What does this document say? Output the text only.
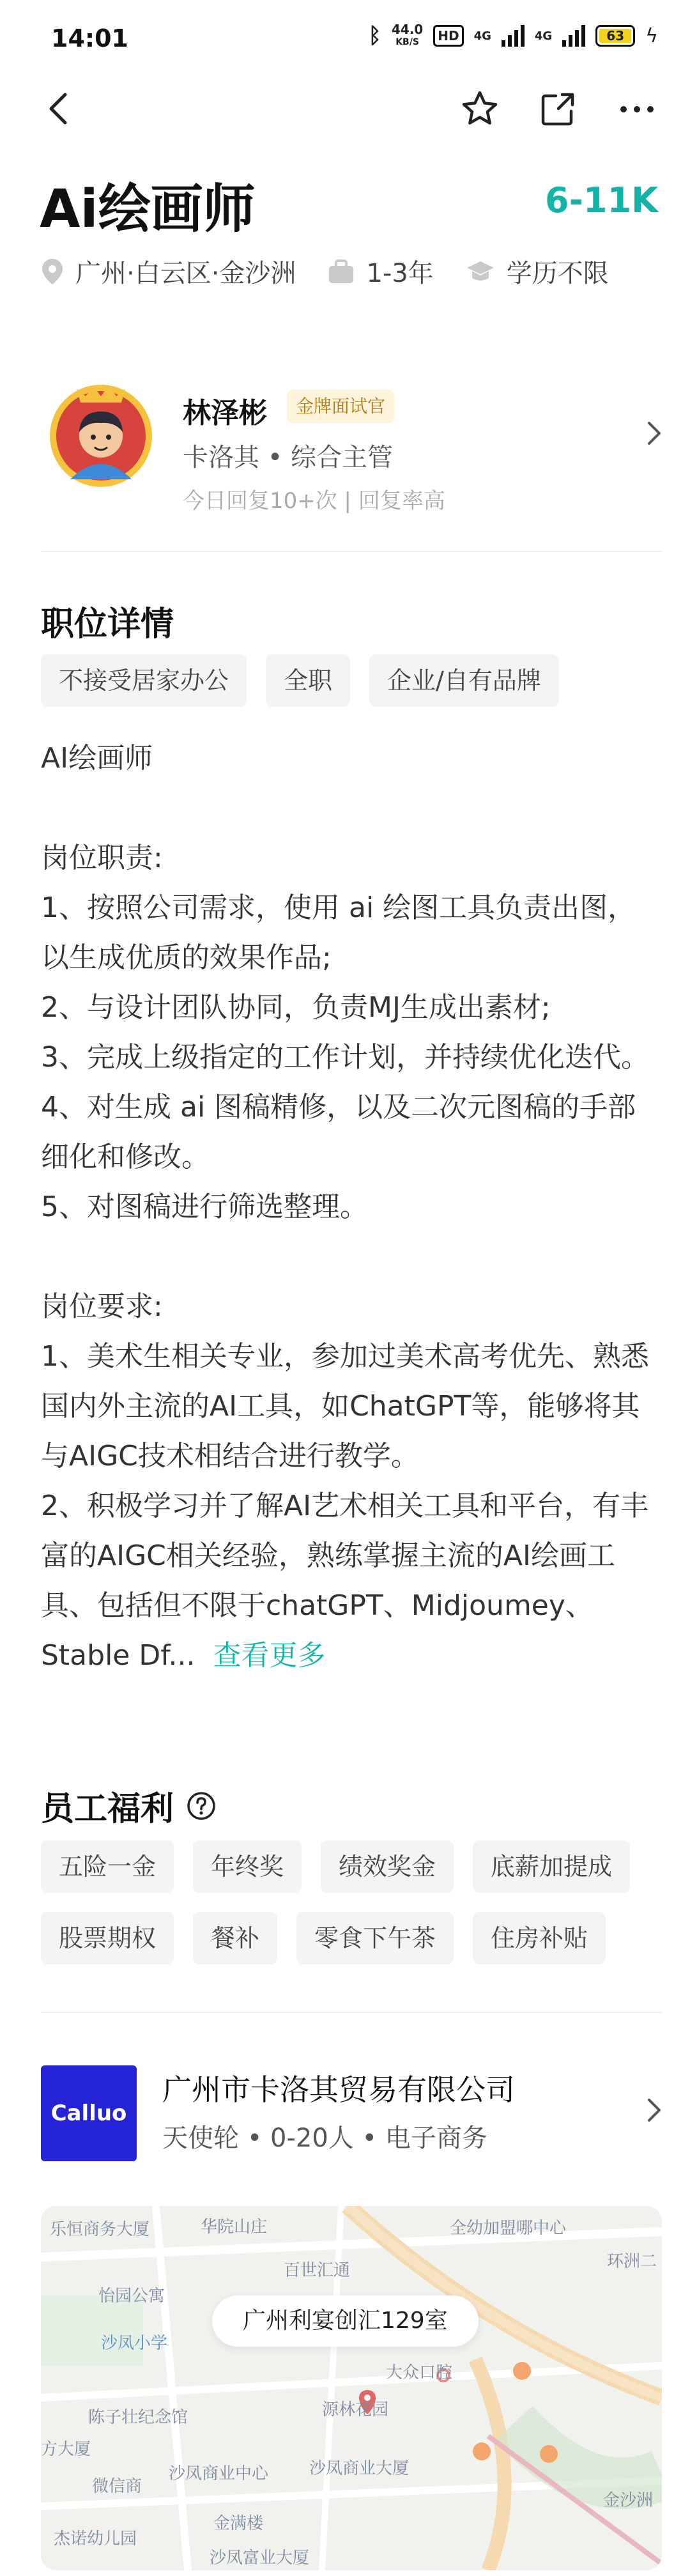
14:01	ᛒ 44.0
KB/S	HD	4G	4G	63	ϟ
Ai绘画师	6-11K
广州·白云区·金沙洲	1-3年	学历不限
林泽彬	金牌面试官
卡洛其 • 综合主管
今日回复10+次 | 回复率高
职位详情
不接受居家办公	全职	企业/自有品牌
AI绘画师

岗位职责:
1、按照公司需求，使用 ai 绘图工具负责出图，以生成优质的效果作品;
2、与设计团队协同，负责MJ生成出素材;
3、完成上级指定的工作计划，并持续优化迭代。
4、对生成 ai 图稿精修，以及二次元图稿的手部细化和修改。
5、对图稿进行筛选整理。

岗位要求:
1、美术生相关专业，参加过美术高考优先、熟悉国内外主流的AI工具，如ChatGPT等，能够将其与AIGC技术相结合进行教学。
2、积极学习并了解AI艺术相关工具和平台，有丰富的AIGC相关经验，熟练掌握主流的AI绘画工具、包括但不限于chatGPT、Midjoumey、Stable Df... 查看更多
员工福利
五险一金	年终奖	绩效奖金	底薪加提成
股票期权	餐补	零食下午茶	住房补贴
Calluo
广州市卡洛其贸易有限公司
天使轮 • 0-20人 • 电子商务
乐恒商务大厦	华院山庄
怡园公寓
沙凤小学
百世汇通
全幼加盟哪中心
环洲二
大众口腔
源林花园
陈子壮纪念馆
方大厦
沙凤商业大厦
微信商
沙凤商业中心
金满楼
杰诺幼儿园
沙凤富业大厦
金沙洲
广州利宴创汇129室
